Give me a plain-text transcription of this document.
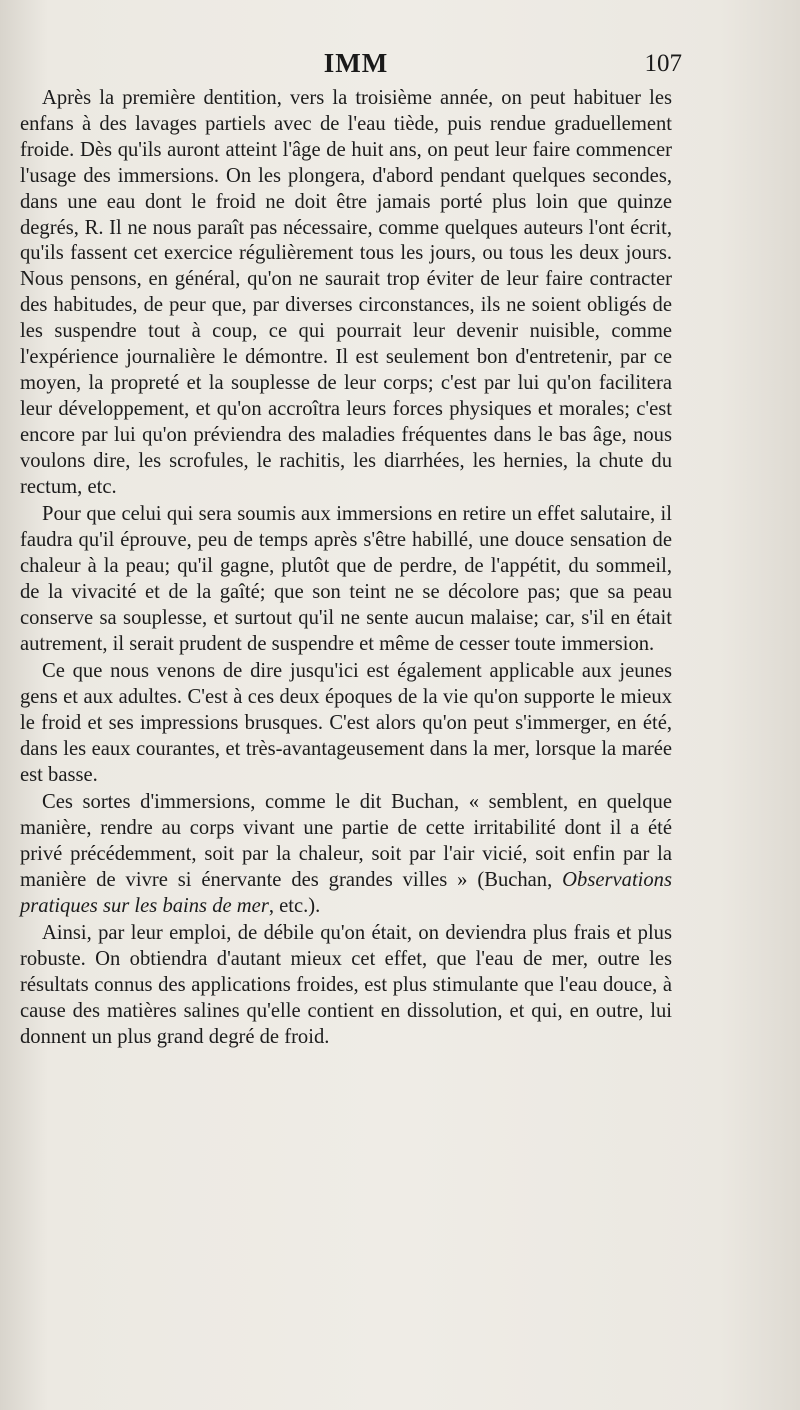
IMM	107

Après la première dentition, vers la troisième année, on peut habituer les enfans à des lavages partiels avec de l'eau tiède, puis rendue graduellement froide. Dès qu'ils auront atteint l'âge de huit ans, on peut leur faire commencer l'usage des immersions. On les plongera, d'abord pendant quelques secondes, dans une eau dont le froid ne doit être jamais porté plus loin que quinze degrés, R. Il ne nous paraît pas nécessaire, comme quelques auteurs l'ont écrit, qu'ils fassent cet exercice régulièrement tous les jours, ou tous les deux jours. Nous pensons, en général, qu'on ne saurait trop éviter de leur faire contracter des habitudes, de peur que, par diverses circonstances, ils ne soient obligés de les suspendre tout à coup, ce qui pourrait leur devenir nuisible, comme l'expérience journalière le démontre. Il est seulement bon d'entretenir, par ce moyen, la propreté et la souplesse de leur corps; c'est par lui qu'on facilitera leur développement, et qu'on accroîtra leurs forces physiques et morales; c'est encore par lui qu'on préviendra des maladies fréquentes dans le bas âge, nous voulons dire, les scrofules, le rachitis, les diarrhées, les hernies, la chute du rectum, etc.

Pour que celui qui sera soumis aux immersions en retire un effet salutaire, il faudra qu'il éprouve, peu de temps après s'être habillé, une douce sensation de chaleur à la peau; qu'il gagne, plutôt que de perdre, de l'appétit, du sommeil, de la vivacité et de la gaîté; que son teint ne se décolore pas; que sa peau conserve sa souplesse, et surtout qu'il ne sente aucun malaise; car, s'il en était autrement, il serait prudent de suspendre et même de cesser toute immersion.

Ce que nous venons de dire jusqu'ici est également applicable aux jeunes gens et aux adultes. C'est à ces deux époques de la vie qu'on supporte le mieux le froid et ses impressions brusques. C'est alors qu'on peut s'immerger, en été, dans les eaux courantes, et très-avantageusement dans la mer, lorsque la marée est basse.

Ces sortes d'immersions, comme le dit Buchan, « semblent, en quelque manière, rendre au corps vivant une partie de cette irritabilité dont il a été privé précédemment, soit par la chaleur, soit par l'air vicié, soit enfin par la manière de vivre si énervante des grandes villes » (Buchan, Observations pratiques sur les bains de mer, etc.).

Ainsi, par leur emploi, de débile qu'on était, on deviendra plus frais et plus robuste. On obtiendra d'autant mieux cet effet, que l'eau de mer, outre les résultats connus des applications froides, est plus stimulante que l'eau douce, à cause des matières salines qu'elle contient en dissolution, et qui, en outre, lui donnent un plus grand degré de froid.
